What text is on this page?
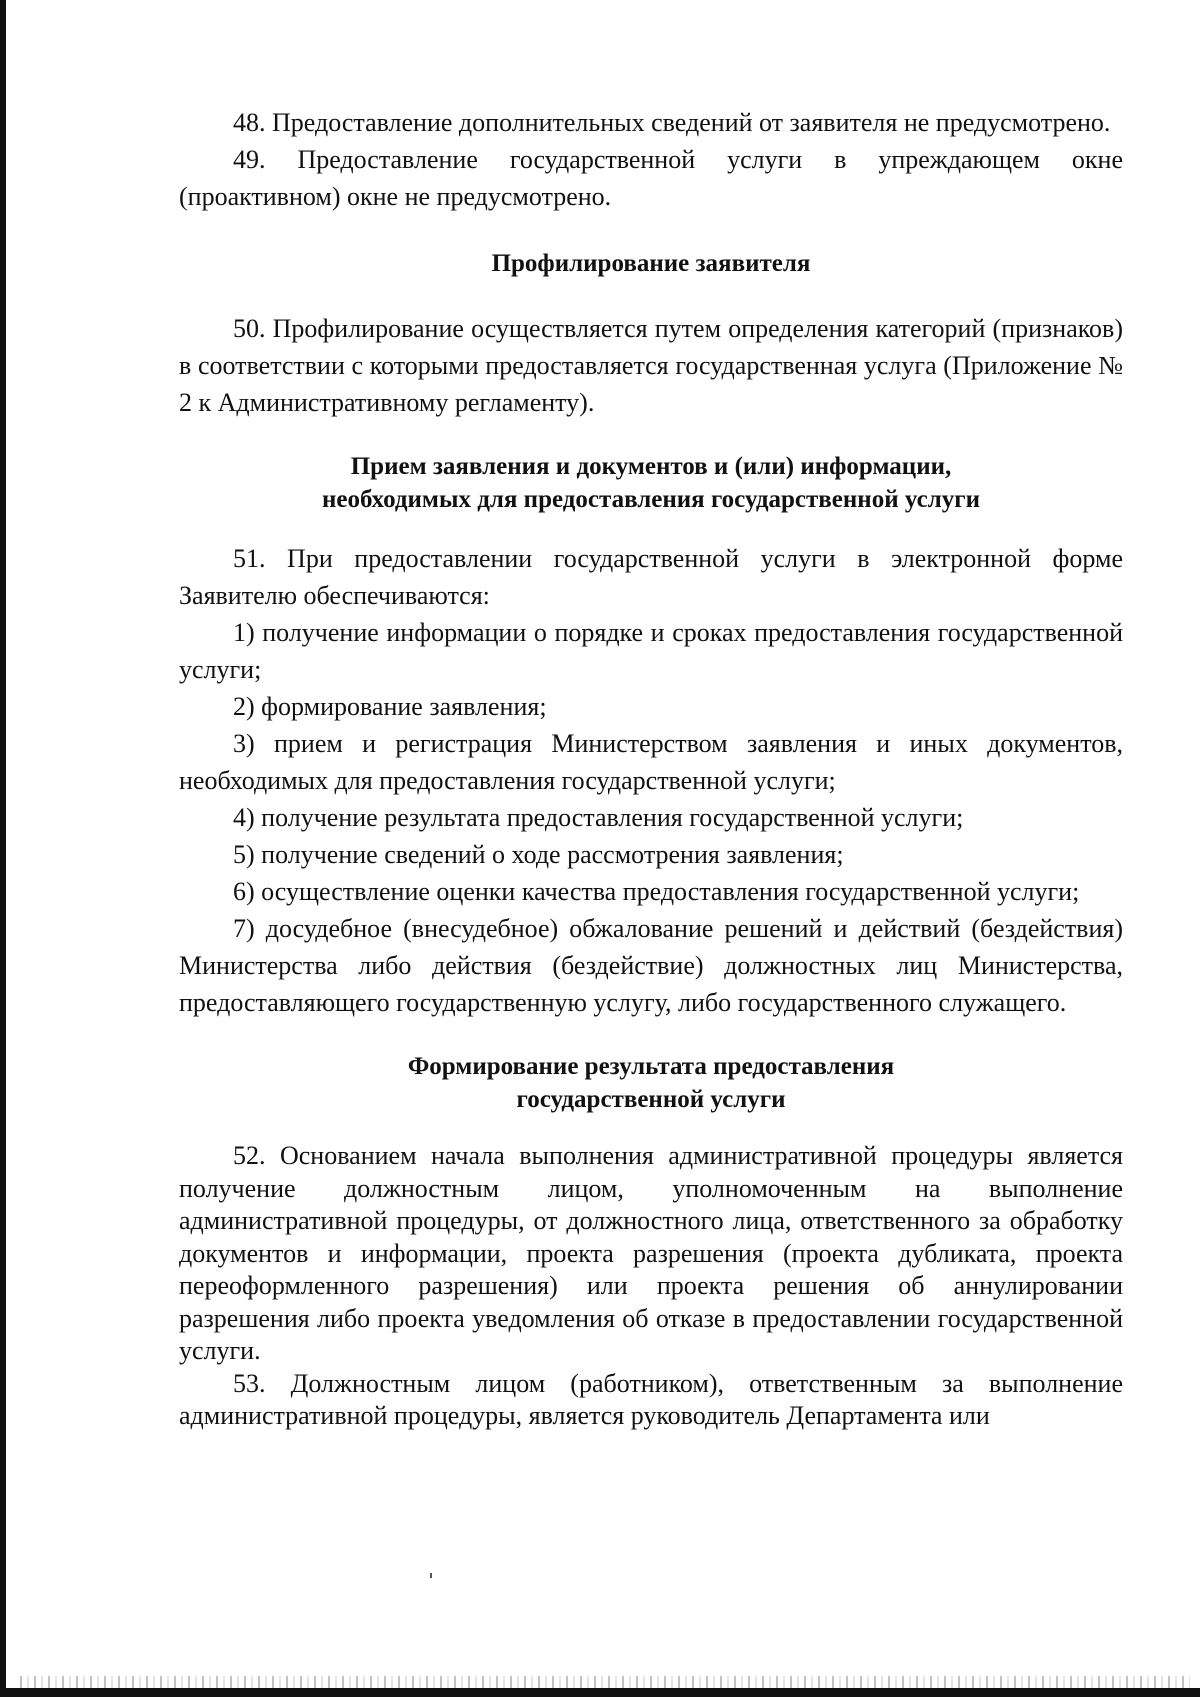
48. Предоставление дополнительных сведений от заявителя не предусмотрено.

49. Предоставление государственной услуги в упреждающем окне (проактивном) окне не предусмотрено.

Профилирование заявителя

50. Профилирование осуществляется путем определения категорий (признаков) в соответствии с которыми предоставляется государственная услуга (Приложение № 2 к Административному регламенту).

Прием заявления и документов и (или) информации,
необходимых для предоставления государственной услуги

51. При предоставлении государственной услуги в электронной форме Заявителю обеспечиваются:

1) получение информации о порядке и сроках предоставления государственной услуги;

2) формирование заявления;

3) прием и регистрация Министерством заявления и иных документов, необходимых для предоставления государственной услуги;

4) получение результата предоставления государственной услуги;

5) получение сведений о ходе рассмотрения заявления;

6) осуществление оценки качества предоставления государственной услуги;

7) досудебное (внесудебное) обжалование решений и действий (бездействия) Министерства либо действия (бездействие) должностных лиц Министерства, предоставляющего государственную услугу, либо государственного служащего.

Формирование результата предоставления
государственной услуги

52. Основанием начала выполнения административной процедуры является получение должностным лицом, уполномоченным на выполнение административной процедуры, от должностного лица, ответственного за обработку документов и информации, проекта разрешения (проекта дубликата, проекта переоформленного разрешения) или проекта решения об аннулировании разрешения либо проекта уведомления об отказе в предоставлении государственной услуги.

53. Должностным лицом (работником), ответственным за выполнение административной процедуры, является руководитель Департамента или
